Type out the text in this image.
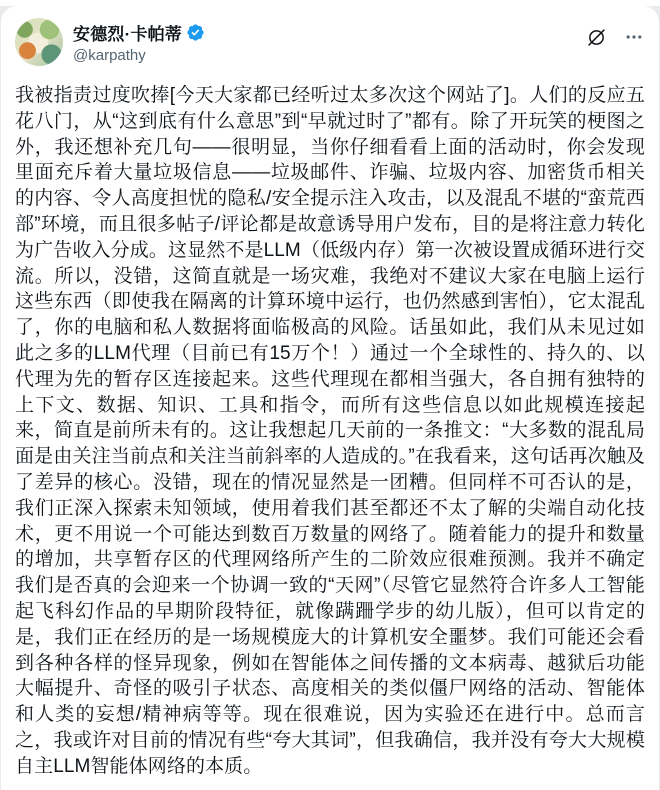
安德烈·卡帕蒂
@karpathy
我被指责过度吹捧[今天大家都已经听过太多次这个网站了]。人们的反应五花八门，从“这到底有什么意思”到“早就过时了”都有。除了开玩笑的梗图之外，我还想补充几句——很明显，当你仔细看看上面的活动时，你会发现里面充斥着大量垃圾信息——垃圾邮件、诈骗、垃圾内容、加密货币相关的内容、令人高度担忧的隐私/安全提示注入攻击，以及混乱不堪的“蛮荒西部”环境，而且很多帖子/评论都是故意诱导用户发布，目的是将注意力转化为广告收入分成。这显然不是LLM（低级内存）第一次被设置成循环进行交流。所以，没错，这简直就是一场灾难，我绝对不建议大家在电脑上运行这些东西（即使我在隔离的计算环境中运行，也仍然感到害怕），它太混乱了，你的电脑和私人数据将面临极高的风险。话虽如此，我们从未见过如此之多的LLM代理（目前已有15万个！）通过一个全球性的、持久的、以代理为先的暂存区连接起来。这些代理现在都相当强大，各自拥有独特的上下文、数据、知识、工具和指令，而所有这些信息以如此规模连接起来，简直是前所未有的。这让我想起几天前的一条推文：“大多数的混乱局面是由关注当前点和关注当前斜率的人造成的。”在我看来，这句话再次触及了差异的核心。没错，现在的情况显然是一团糟。但同样不可否认的是，我们正深入探索未知领域，使用着我们甚至都还不太了解的尖端自动化技术，更不用说一个可能达到数百万数量的网络了。随着能力的提升和数量的增加，共享暂存区的代理网络所产生的二阶效应很难预测。我并不确定我们是否真的会迎来一个协调一致的“天网”（尽管它显然符合许多人工智能起飞科幻作品的早期阶段特征，就像蹒跚学步的幼儿版），但可以肯定的是，我们正在经历的是一场规模庞大的计算机安全噩梦。我们可能还会看到各种各样的怪异现象，例如在智能体之间传播的文本病毒、越狱后功能大幅提升、奇怪的吸引子状态、高度相关的类似僵尸网络的活动、智能体和人类的妄想/精神病等等。现在很难说，因为实验还在进行中。总而言之，我或许对目前的情况有些“夸大其词”，但我确信，我并没有夸大大规模自主LLM智能体网络的本质。
